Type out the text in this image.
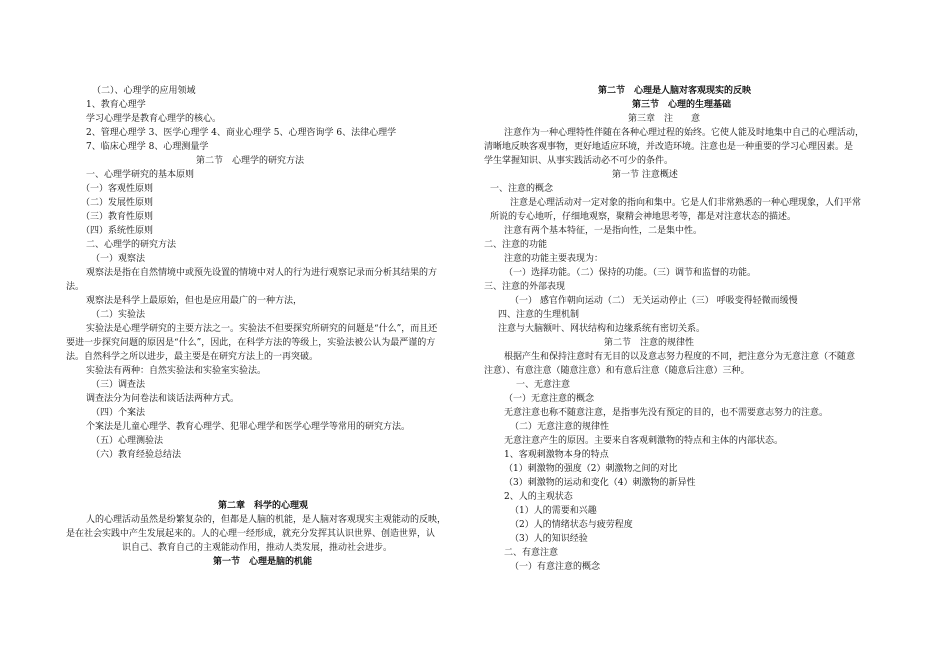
（二）、心理学的应用领域
1、教育心理学
学习心理学是教育心理学的核心。
2、管理心理学 3、医学心理学 4、商业心理学 5、心理咨询学 6、法律心理学
7、临床心理学 8、心理测量学
第二节　心理学的研究方法
一、心理学研究的基本原则
（一）客观性原则
（二）发展性原则
（三）教育性原则
（四）系统性原则
二、心理学的研究方法
（一）观察法
观察法是指在自然情境中或预先设置的情境中对人的行为进行观察记录而分析其结果的方
法。
观察法是科学上最原始，但也是应用最广的一种方法，
（二）实验法
实验法是心理学研究的主要方法之一。实验法不但要探究所研究的问题是“什么”，而且还
要进一步探究问题的原因是“什么”，因此，在科学方法的等级上，实验法被公认为最严谨的方
法。自然科学之所以进步，最主要是在研究方法上的一再突破。
实验法有两种：自然实验法和实验室实验法。
（三）调查法
调查法分为问卷法和谈话法两种方式。
（四）个案法
个案法是儿童心理学、教育心理学、犯罪心理学和医学心理学等常用的研究方法。
（五）心理测验法
（六）教育经验总结法
第二章　科学的心理观
人的心理活动虽然是纷繁复杂的，但都是人脑的机能，是人脑对客观现实主观能动的反映，
是在社会实践中产生发展起来的。人的心理一经形成，就充分发挥其认识世界、创造世界，认
识自己、教育自己的主观能动作用，推动人类发展，推动社会进步。
第一节　心理是脑的机能
第二节　心理是人脑对客观现实的反映
第三节　心理的生理基础
第三章　注　　意
注意作为一种心理特性伴随在各种心理过程的始终。它使人能及时地集中自己的心理活动，
清晰地反映客观事物，更好地适应环境，并改造环境。注意也是一种重要的学习心理因素。是
学生掌握知识、从事实践活动必不可少的条件。
第一节 注意概述
一、注意的概念
注意是心理活动对一定对象的指向和集中。它是人们非常熟悉的一种心理现象，人们平常
所说的专心地听，仔细地观察，聚精会神地思考等，都是对注意状态的描述。
注意有两个基本特征，一是指向性，二是集中性。
二、注意的功能
注意的功能主要表现为：
（一）选择功能。（二）保持的功能。（三）调节和监督的功能。
三、注意的外部表现
（一） 感官作朝向运动（二） 无关运动停止（三） 呼吸变得轻微而缓慢
四、注意的生理机制
注意与大脑额叶、网状结构和边缘系统有密切关系。
第二节　注意的规律性
根据产生和保持注意时有无目的以及意志努力程度的不同，把注意分为无意注意（不随意
注意）、有意注意（随意注意）和有意后注意（随意后注意）三种。
一、无意注意
（一）无意注意的概念
无意注意也称不随意注意，是指事先没有预定的目的，也不需要意志努力的注意。
（二）无意注意的规律性
无意注意产生的原因。主要来自客观刺激物的特点和主体的内部状态。
1、客观刺激物本身的特点
（1）刺激物的强度（2）刺激物之间的对比
（3）刺激物的运动和变化（4）刺激物的新异性
2、人的主观状态
（1）人的需要和兴趣
（2）人的情绪状态与疲劳程度
（3）人的知识经验
二、有意注意
（一）有意注意的概念
